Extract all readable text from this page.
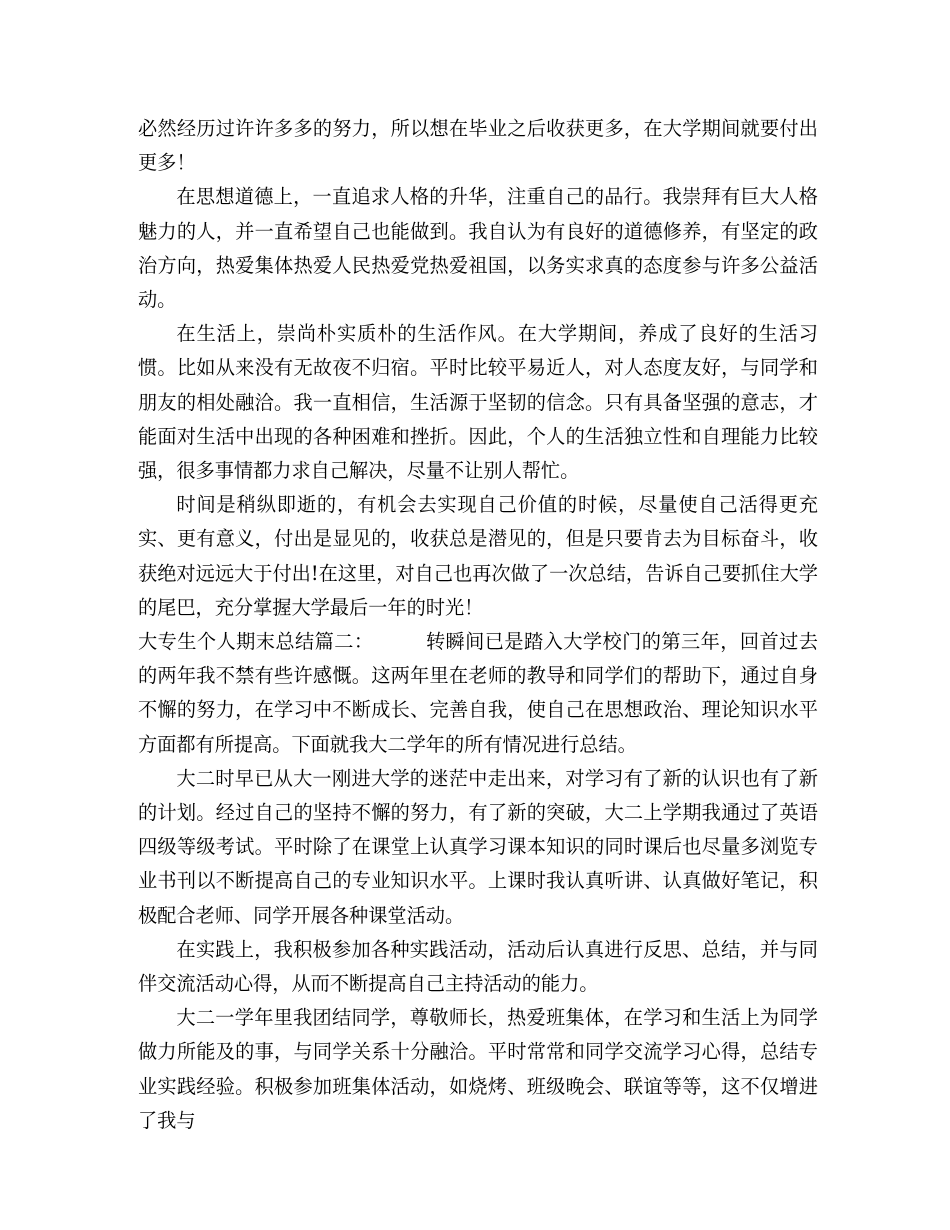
必然经历过许许多多的努力，所以想在毕业之后收获更多，在大学期间就要付出更多！

在思想道德上，一直追求人格的升华，注重自己的品行。我崇拜有巨大人格魅力的人，并一直希望自己也能做到。我自认为有良好的道德修养，有坚定的政治方向，热爱集体热爱人民热爱党热爱祖国，以务实求真的态度参与许多公益活动。

在生活上，崇尚朴实质朴的生活作风。在大学期间，养成了良好的生活习惯。比如从来没有无故夜不归宿。平时比较平易近人，对人态度友好，与同学和朋友的相处融洽。我一直相信，生活源于坚韧的信念。只有具备坚强的意志，才能面对生活中出现的各种困难和挫折。因此，个人的生活独立性和自理能力比较强，很多事情都力求自己解决，尽量不让别人帮忙。

时间是稍纵即逝的，有机会去实现自己价值的时候，尽量使自己活得更充实、更有意义，付出是显见的，收获总是潜见的，但是只要肯去为目标奋斗，收获绝对远远大于付出!在这里，对自己也再次做了一次总结，告诉自己要抓住大学的尾巴，充分掌握大学最后一年的时光！

大专生个人期末总结篇二：	转瞬间已是踏入大学校门的第三年，回首过去的两年我不禁有些许感慨。这两年里在老师的教导和同学们的帮助下，通过自身不懈的努力，在学习中不断成长、完善自我，使自己在思想政治、理论知识水平方面都有所提高。下面就我大二学年的所有情况进行总结。

大二时早已从大一刚进大学的迷茫中走出来，对学习有了新的认识也有了新的计划。经过自己的坚持不懈的努力，有了新的突破，大二上学期我通过了英语四级等级考试。平时除了在课堂上认真学习课本知识的同时课后也尽量多浏览专业书刊以不断提高自己的专业知识水平。上课时我认真听讲、认真做好笔记，积极配合老师、同学开展各种课堂活动。

在实践上，我积极参加各种实践活动，活动后认真进行反思、总结，并与同伴交流活动心得，从而不断提高自己主持活动的能力。

大二一学年里我团结同学，尊敬师长，热爱班集体，在学习和生活上为同学做力所能及的事，与同学关系十分融洽。平时常常和同学交流学习心得，总结专业实践经验。积极参加班集体活动，如烧烤、班级晚会、联谊等等，这不仅增进了我与
